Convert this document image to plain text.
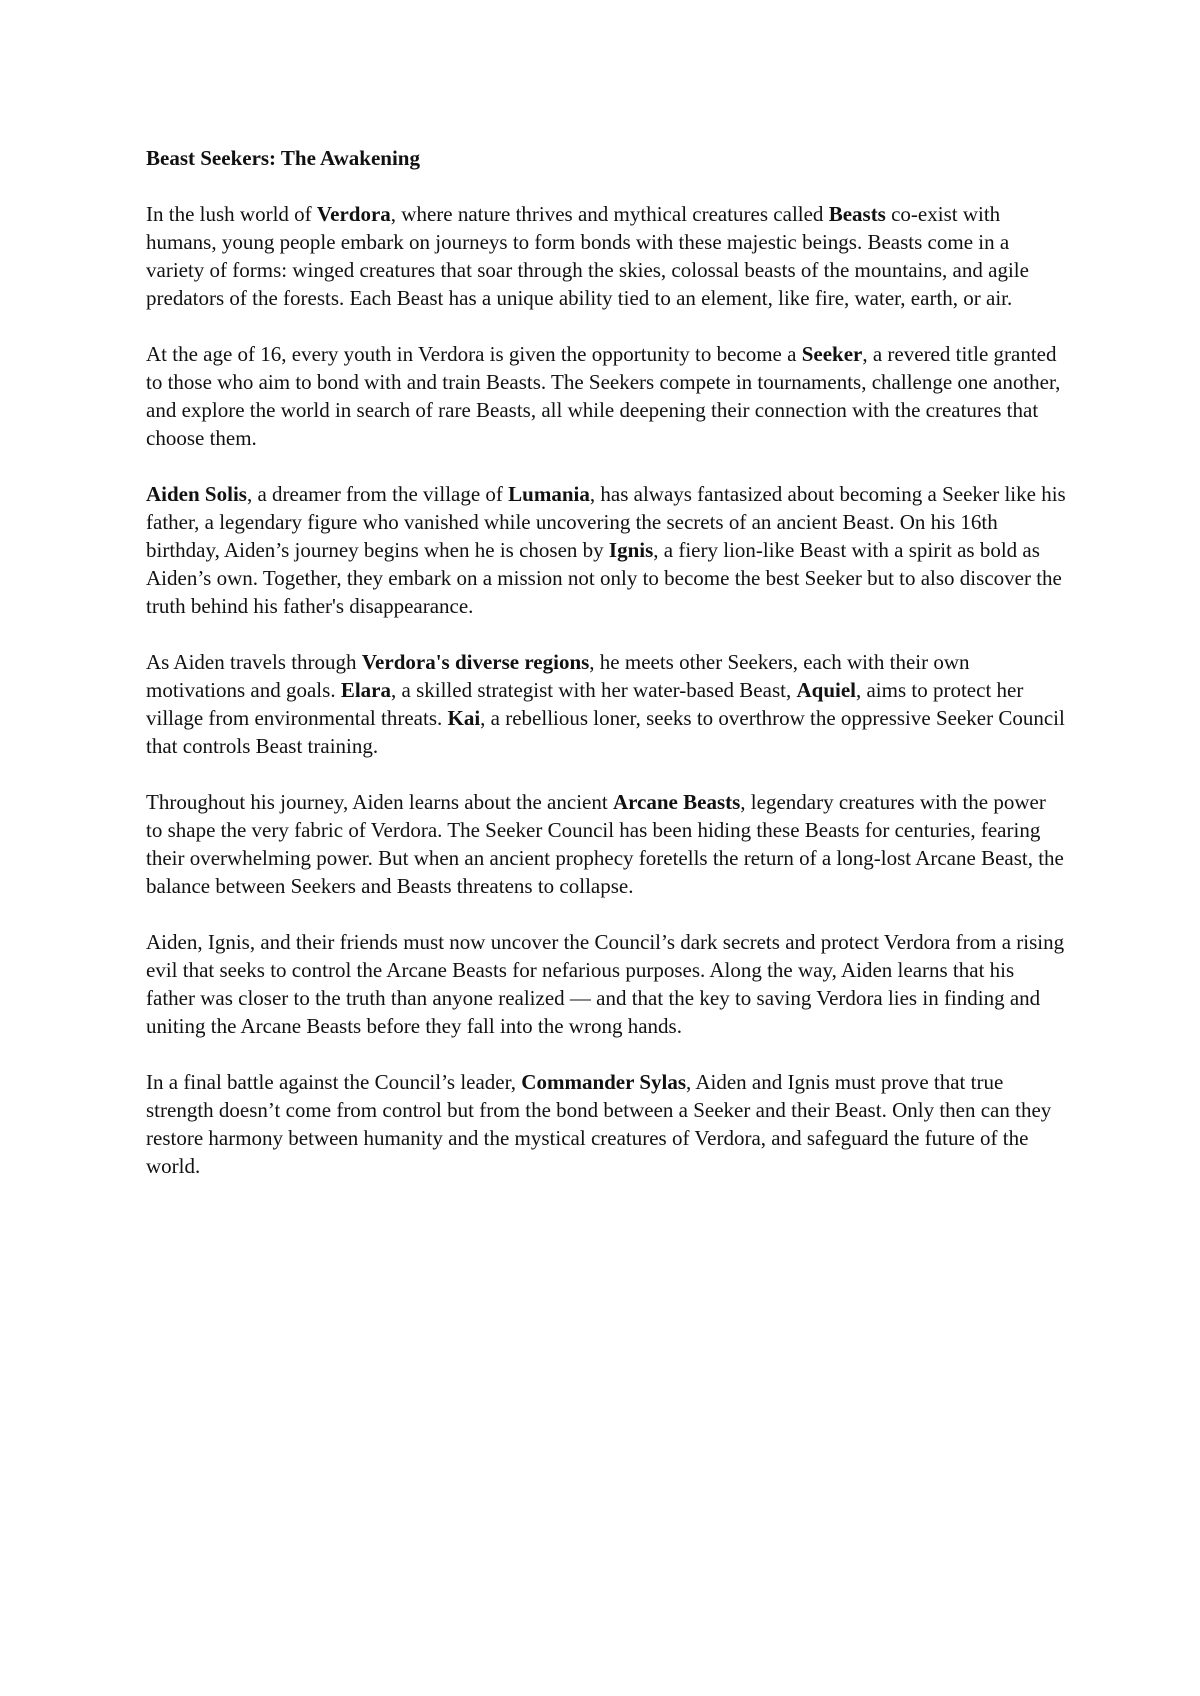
Beast Seekers: The Awakening

In the lush world of Verdora, where nature thrives and mythical creatures called Beasts co-exist with humans, young people embark on journeys to form bonds with these majestic beings. Beasts come in a variety of forms: winged creatures that soar through the skies, colossal beasts of the mountains, and agile predators of the forests. Each Beast has a unique ability tied to an element, like fire, water, earth, or air.

At the age of 16, every youth in Verdora is given the opportunity to become a Seeker, a revered title granted to those who aim to bond with and train Beasts. The Seekers compete in tournaments, challenge one another, and explore the world in search of rare Beasts, all while deepening their connection with the creatures that choose them.

Aiden Solis, a dreamer from the village of Lumania, has always fantasized about becoming a Seeker like his father, a legendary figure who vanished while uncovering the secrets of an ancient Beast. On his 16th birthday, Aiden’s journey begins when he is chosen by Ignis, a fiery lion-like Beast with a spirit as bold as Aiden’s own. Together, they embark on a mission not only to become the best Seeker but to also discover the truth behind his father's disappearance.

As Aiden travels through Verdora's diverse regions, he meets other Seekers, each with their own motivations and goals. Elara, a skilled strategist with her water-based Beast, Aquiel, aims to protect her village from environmental threats. Kai, a rebellious loner, seeks to overthrow the oppressive Seeker Council that controls Beast training.

Throughout his journey, Aiden learns about the ancient Arcane Beasts, legendary creatures with the power to shape the very fabric of Verdora. The Seeker Council has been hiding these Beasts for centuries, fearing their overwhelming power. But when an ancient prophecy foretells the return of a long-lost Arcane Beast, the balance between Seekers and Beasts threatens to collapse.

Aiden, Ignis, and their friends must now uncover the Council’s dark secrets and protect Verdora from a rising evil that seeks to control the Arcane Beasts for nefarious purposes. Along the way, Aiden learns that his father was closer to the truth than anyone realized — and that the key to saving Verdora lies in finding and uniting the Arcane Beasts before they fall into the wrong hands.

In a final battle against the Council’s leader, Commander Sylas, Aiden and Ignis must prove that true strength doesn’t come from control but from the bond between a Seeker and their Beast. Only then can they restore harmony between humanity and the mystical creatures of Verdora, and safeguard the future of the world.
